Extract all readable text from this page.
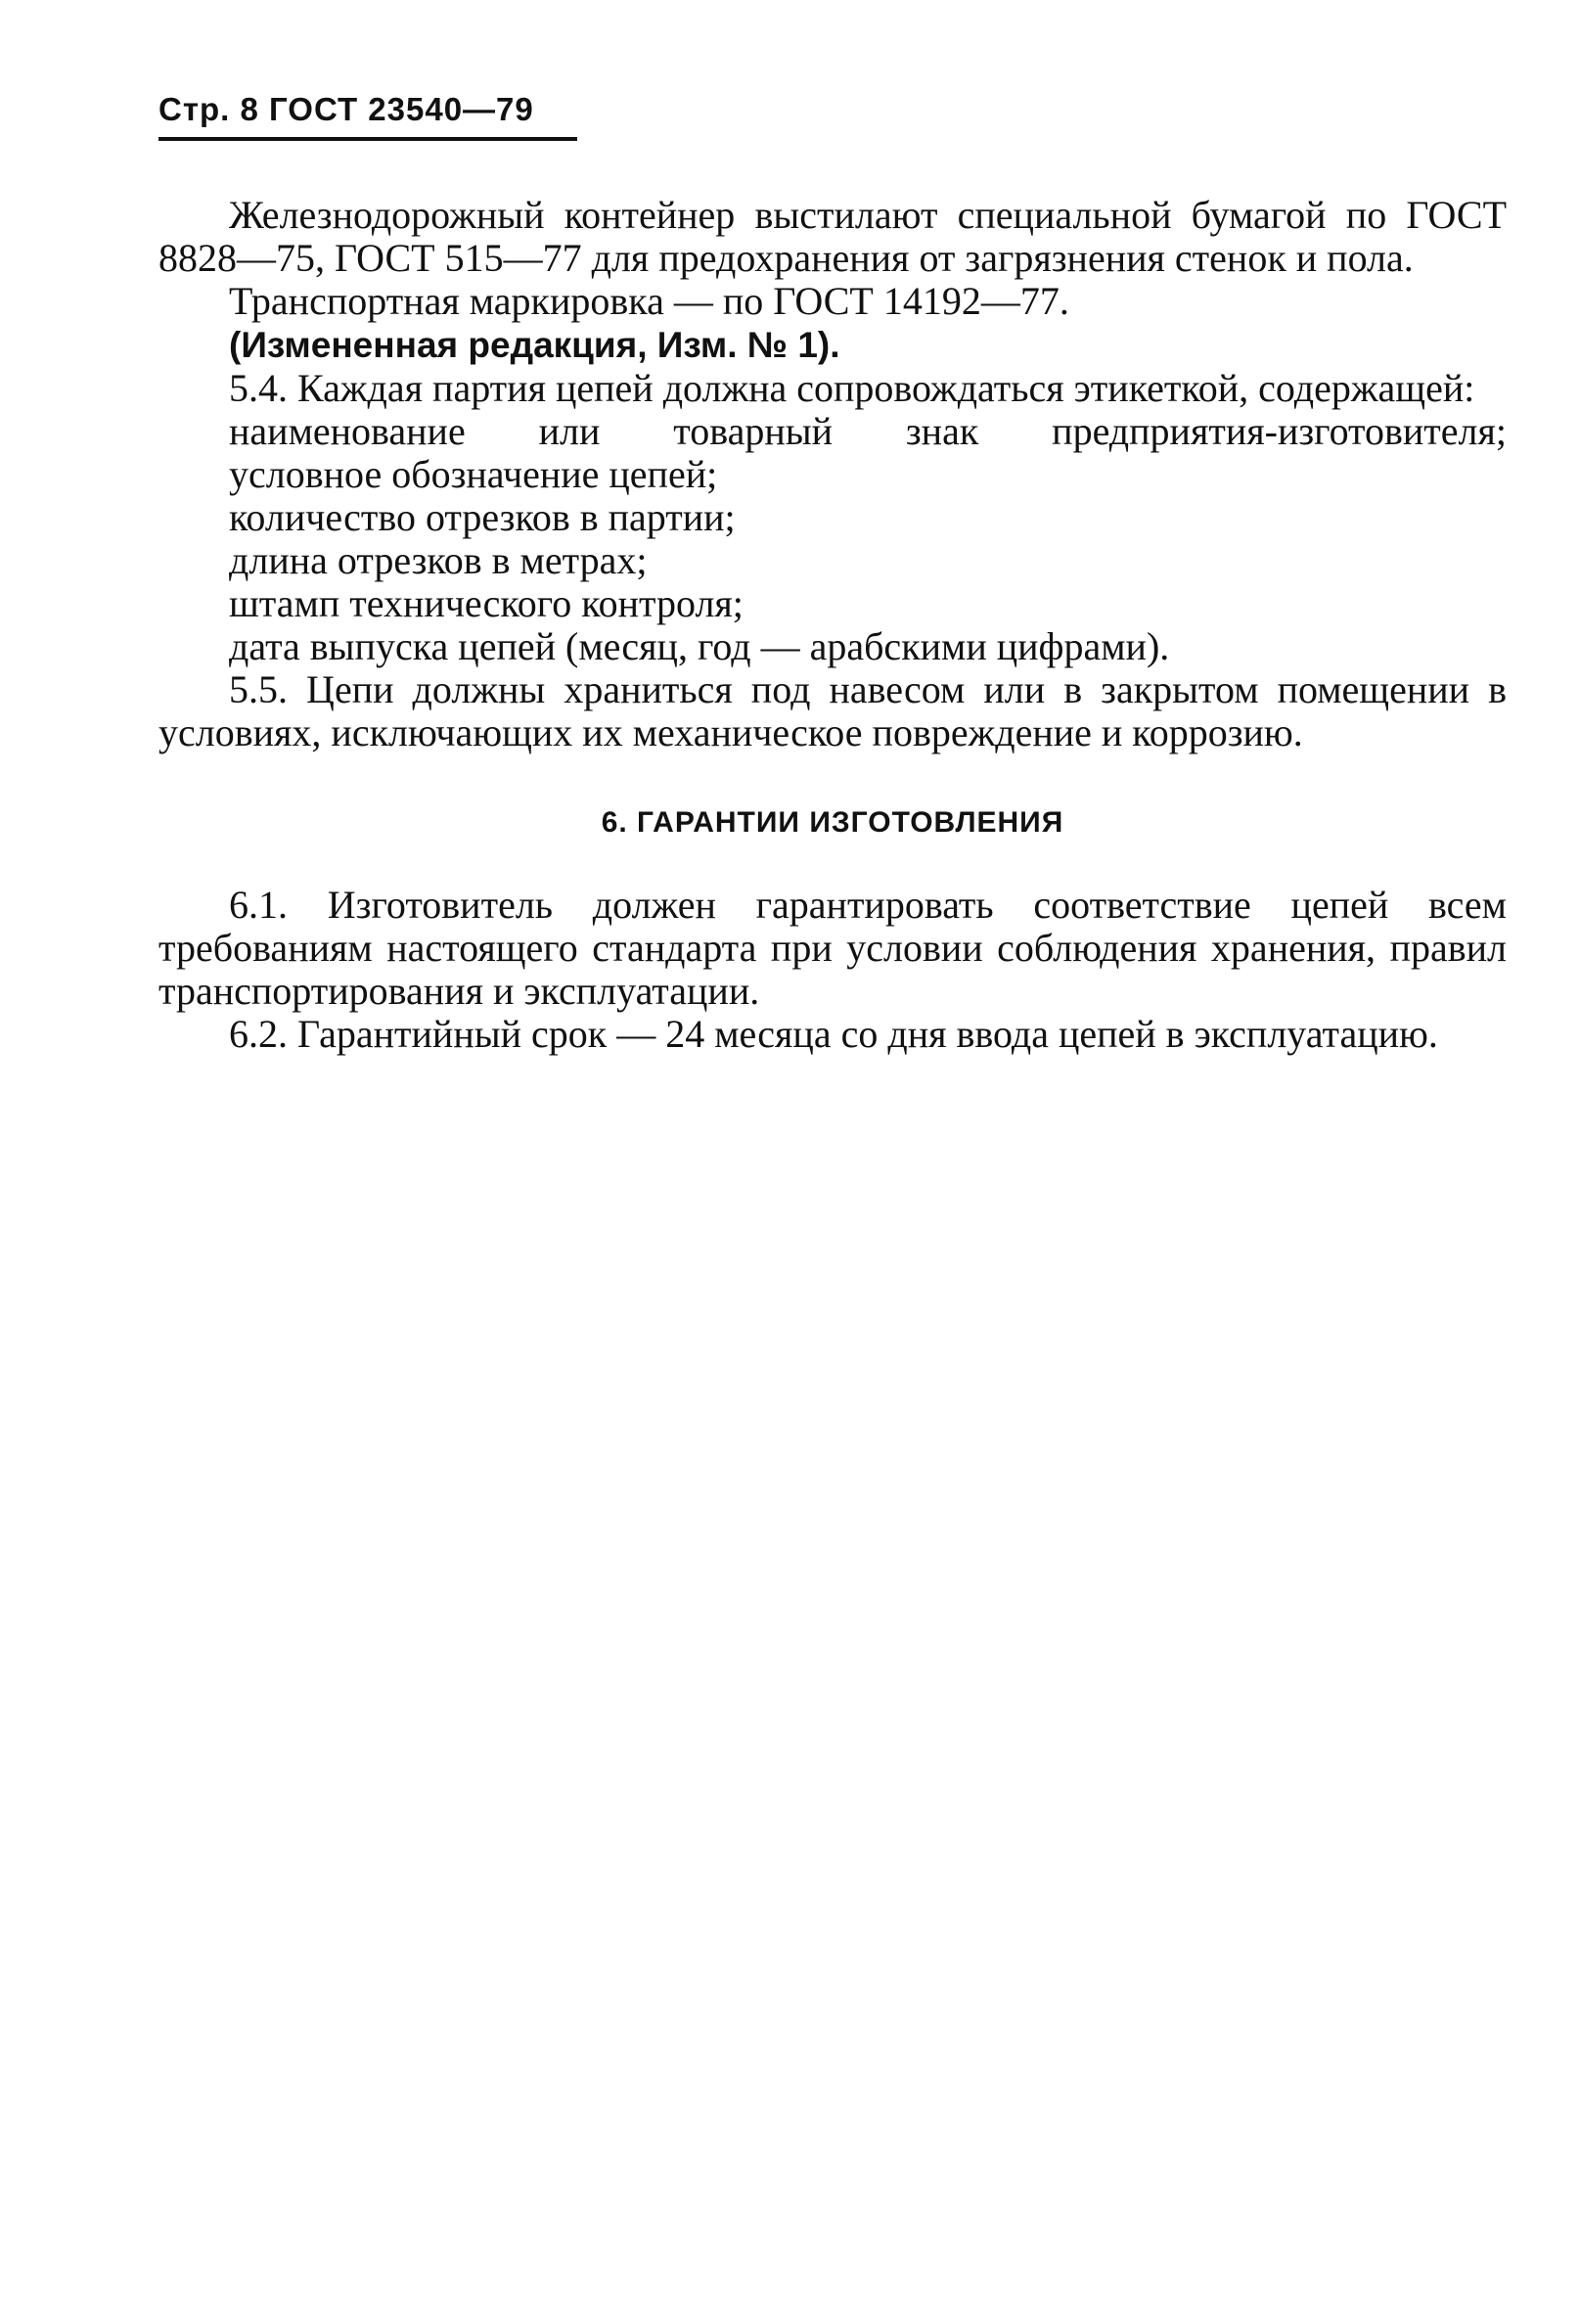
Стр. 8 ГОСТ 23540—79

Железнодорожный контейнер выстилают специальной бумагой по ГОСТ 8828—75, ГОСТ 515—77 для предохранения от загрязнения стенок и пола.

Транспортная маркировка — по ГОСТ 14192—77.

(Измененная редакция, Изм. № 1).

5.4. Каждая партия цепей должна сопровождаться этикеткой, содержащей:

наименование или товарный знак предприятия-изготовителя;

условное обозначение цепей;

количество отрезков в партии;

длина отрезков в метрах;

штамп технического контроля;

дата выпуска цепей (месяц, год — арабскими цифрами).

5.5. Цепи должны храниться под навесом или в закрытом помещении в условиях, исключающих их механическое повреждение и коррозию.

6. ГАРАНТИИ ИЗГОТОВЛЕНИЯ

6.1. Изготовитель должен гарантировать соответствие цепей всем требованиям настоящего стандарта при условии соблюдения хранения, правил транспортирования и эксплуатации.

6.2. Гарантийный срок — 24 месяца со дня ввода цепей в эксплуатацию.
